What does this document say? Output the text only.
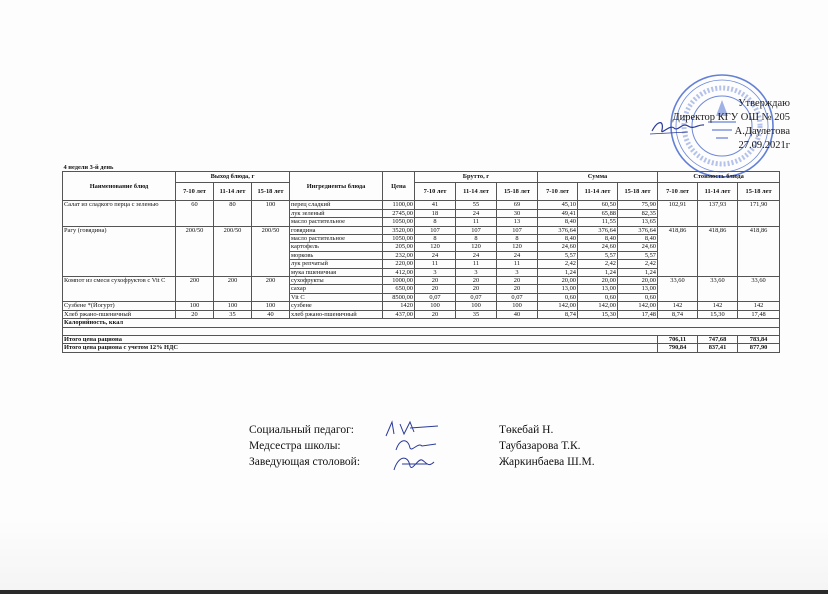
Утверждаю
Директор КГУ ОШ № 205
А.Даулетова
27.09.2021г
4 недели 3-й день														
Наименование блюд	Выход блюда, г			Ингредиенты блюда	Цена	Брутто, г			Сумма			Стоимость блюда		
	7-10 лет	11-14 лет	15-18 лет			7-10 лет	11-14 лет	15-18 лет	7-10 лет	11-14 лет	15-18 лет	7-10 лет	11-14 лет	15-18 лет
Салат из сладкого перца с зеленью	60	80	100	перец сладкий	1100,00	41	55	69	45,10	60,50	75,90	102,91	137,93	171,90
				лук зеленый	2745,00	18	24	30	49,41	65,88	82,35			
				масло растительное	1050,00	8	11	13	8,40	11,55	13,65			
Рагу (говядина)	200/50	200/50	200/50	говядина	3520,00	107	107	107	376,64	376,64	376,64	418,86	418,86	418,86
				масло растительное	1050,00	8	8	8	8,40	8,40	8,40			
				картофель	205,00	120	120	120	24,60	24,60	24,60			
				морковь	232,00	24	24	24	5,57	5,57	5,57			
				лук репчатый	220,00	11	11	11	2,42	2,42	2,42			
				мука пшеничная	412,00	3	3	3	1,24	1,24	1,24			
Компот из смеси сухофруктов с Vit C	200	200	200	сухофрукты	1000,00	20	20	20	20,00	20,00	20,00	33,60	33,60	33,60
				сахар	650,00	20	20	20	13,00	13,00	13,00			
				Vit C	8500,00	0,07	0,07	0,07	0,60	0,60	0,60			
Сузбене *(Йогурт)	100	100	100	сузбене	1420	100	100	100	142,00	142,00	142,00	142	142	142
Хлеб ржано-пшеничный	20	35	40	хлеб ржано-пшеничный	437,00	20	35	40	8,74	15,30	17,48	8,74	15,30	17,48
Калорийность, ккал														

Итого цена рациона												706,11	747,68	783,84
Итого цена рациона с учетом 12% НДС												790,84	837,41	877,90
Социальный педагог:	Төкебай Н.
Медсестра школы:	Таубазарова Т.К.
Заведующая столовой:	Жаркинбаева Ш.М.
